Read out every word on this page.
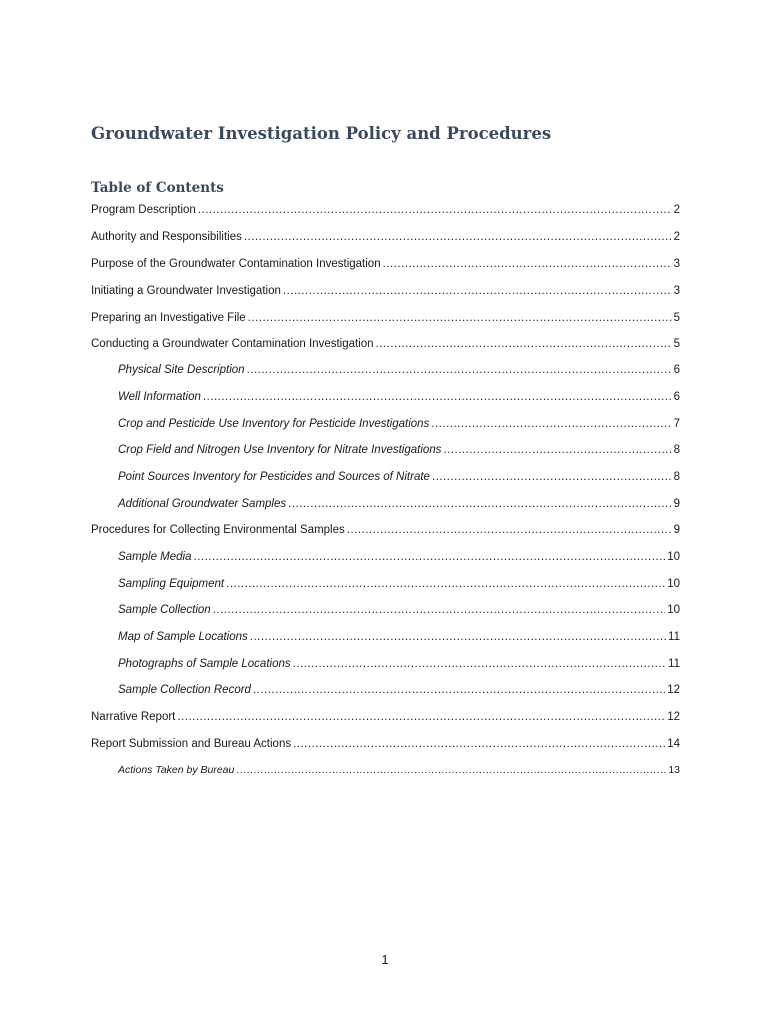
Groundwater Investigation Policy and Procedures
Table of Contents
Program Description .....	2
Authority and Responsibilities .....	2
Purpose of the Groundwater Contamination Investigation .....	3
Initiating a Groundwater Investigation .....	3
Preparing an Investigative File .....	5
Conducting a Groundwater Contamination Investigation .....	5
Physical Site Description .....	6
Well Information .....	6
Crop and Pesticide Use Inventory for Pesticide Investigations .....	7
Crop Field and Nitrogen Use Inventory for Nitrate Investigations .....	8
Point Sources Inventory for Pesticides and Sources of Nitrate .....	8
Additional Groundwater Samples .....	9
Procedures for Collecting Environmental Samples .....	9
Sample Media .....	10
Sampling Equipment .....	10
Sample Collection .....	10
Map of Sample Locations .....	11
Photographs of Sample Locations .....	11
Sample Collection Record .....	12
Narrative Report .....	12
Report Submission and Bureau Actions .....	14
Actions Taken by Bureau .....	13
1
